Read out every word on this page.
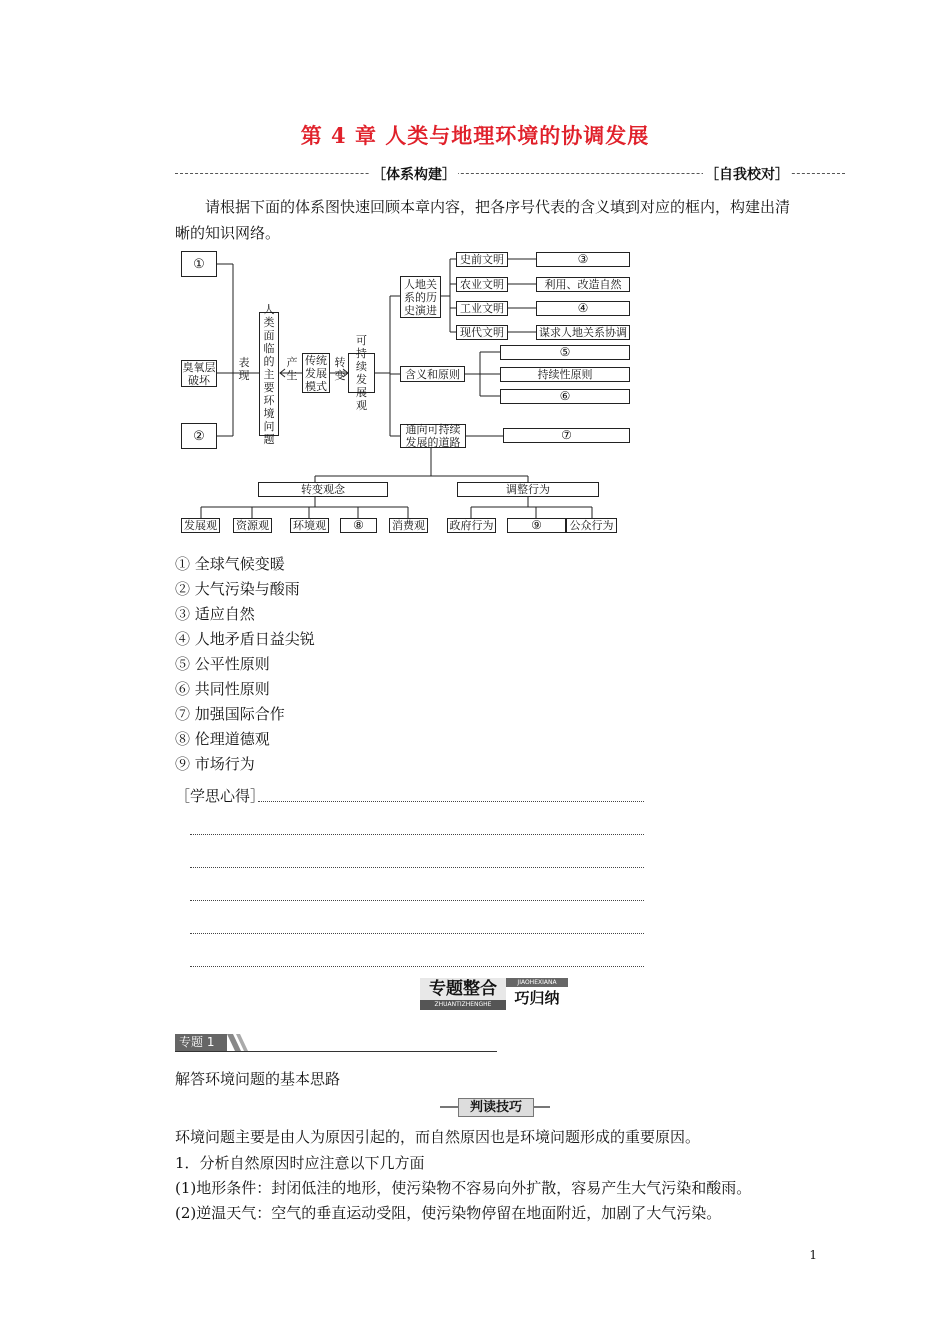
第 4 章 人类与地理环境的协调发展
［体系构建］	［自我校对］
请根据下面的体系图快速回顾本章内容，把各序号代表的含义填到对应的框内，构建出清
晰的知识网络。
①
臭氧层破坏
②
表现
人类面临的主要环境问题
产生
传统发展模式
转变
可持续发展观
人地关系的历史演进
史前文明
农业文明
工业文明
现代文明
③
利用、改造自然
④
谋求人地关系协调
含义和原则
⑤
持续性原则
⑥
通向可持续发展的道路
⑦
转变观念	调整行为
发展观 资源观 环境观	⑧	消费观 政府行为	⑨	公众行为
① 全球气候变暖
② 大气污染与酸雨
③ 适应自然
④ 人地矛盾日益尖锐
⑤ 公平性原则
⑥ 共同性原则
⑦ 加强国际合作
⑧ 伦理道德观
⑨ 市场行为
［学思心得］
专题整合
ZHUANTIZHENGHE
JIAOHEXIANA
巧归纳
专题 1
解答环境问题的基本思路
判读技巧
环境问题主要是由人为原因引起的，而自然原因也是环境问题形成的重要原因。
1．分析自然原因时应注意以下几方面
(1)地形条件：封闭低洼的地形，使污染物不容易向外扩散，容易产生大气污染和酸雨。
(2)逆温天气：空气的垂直运动受阻，使污染物停留在地面附近，加剧了大气污染。
1
